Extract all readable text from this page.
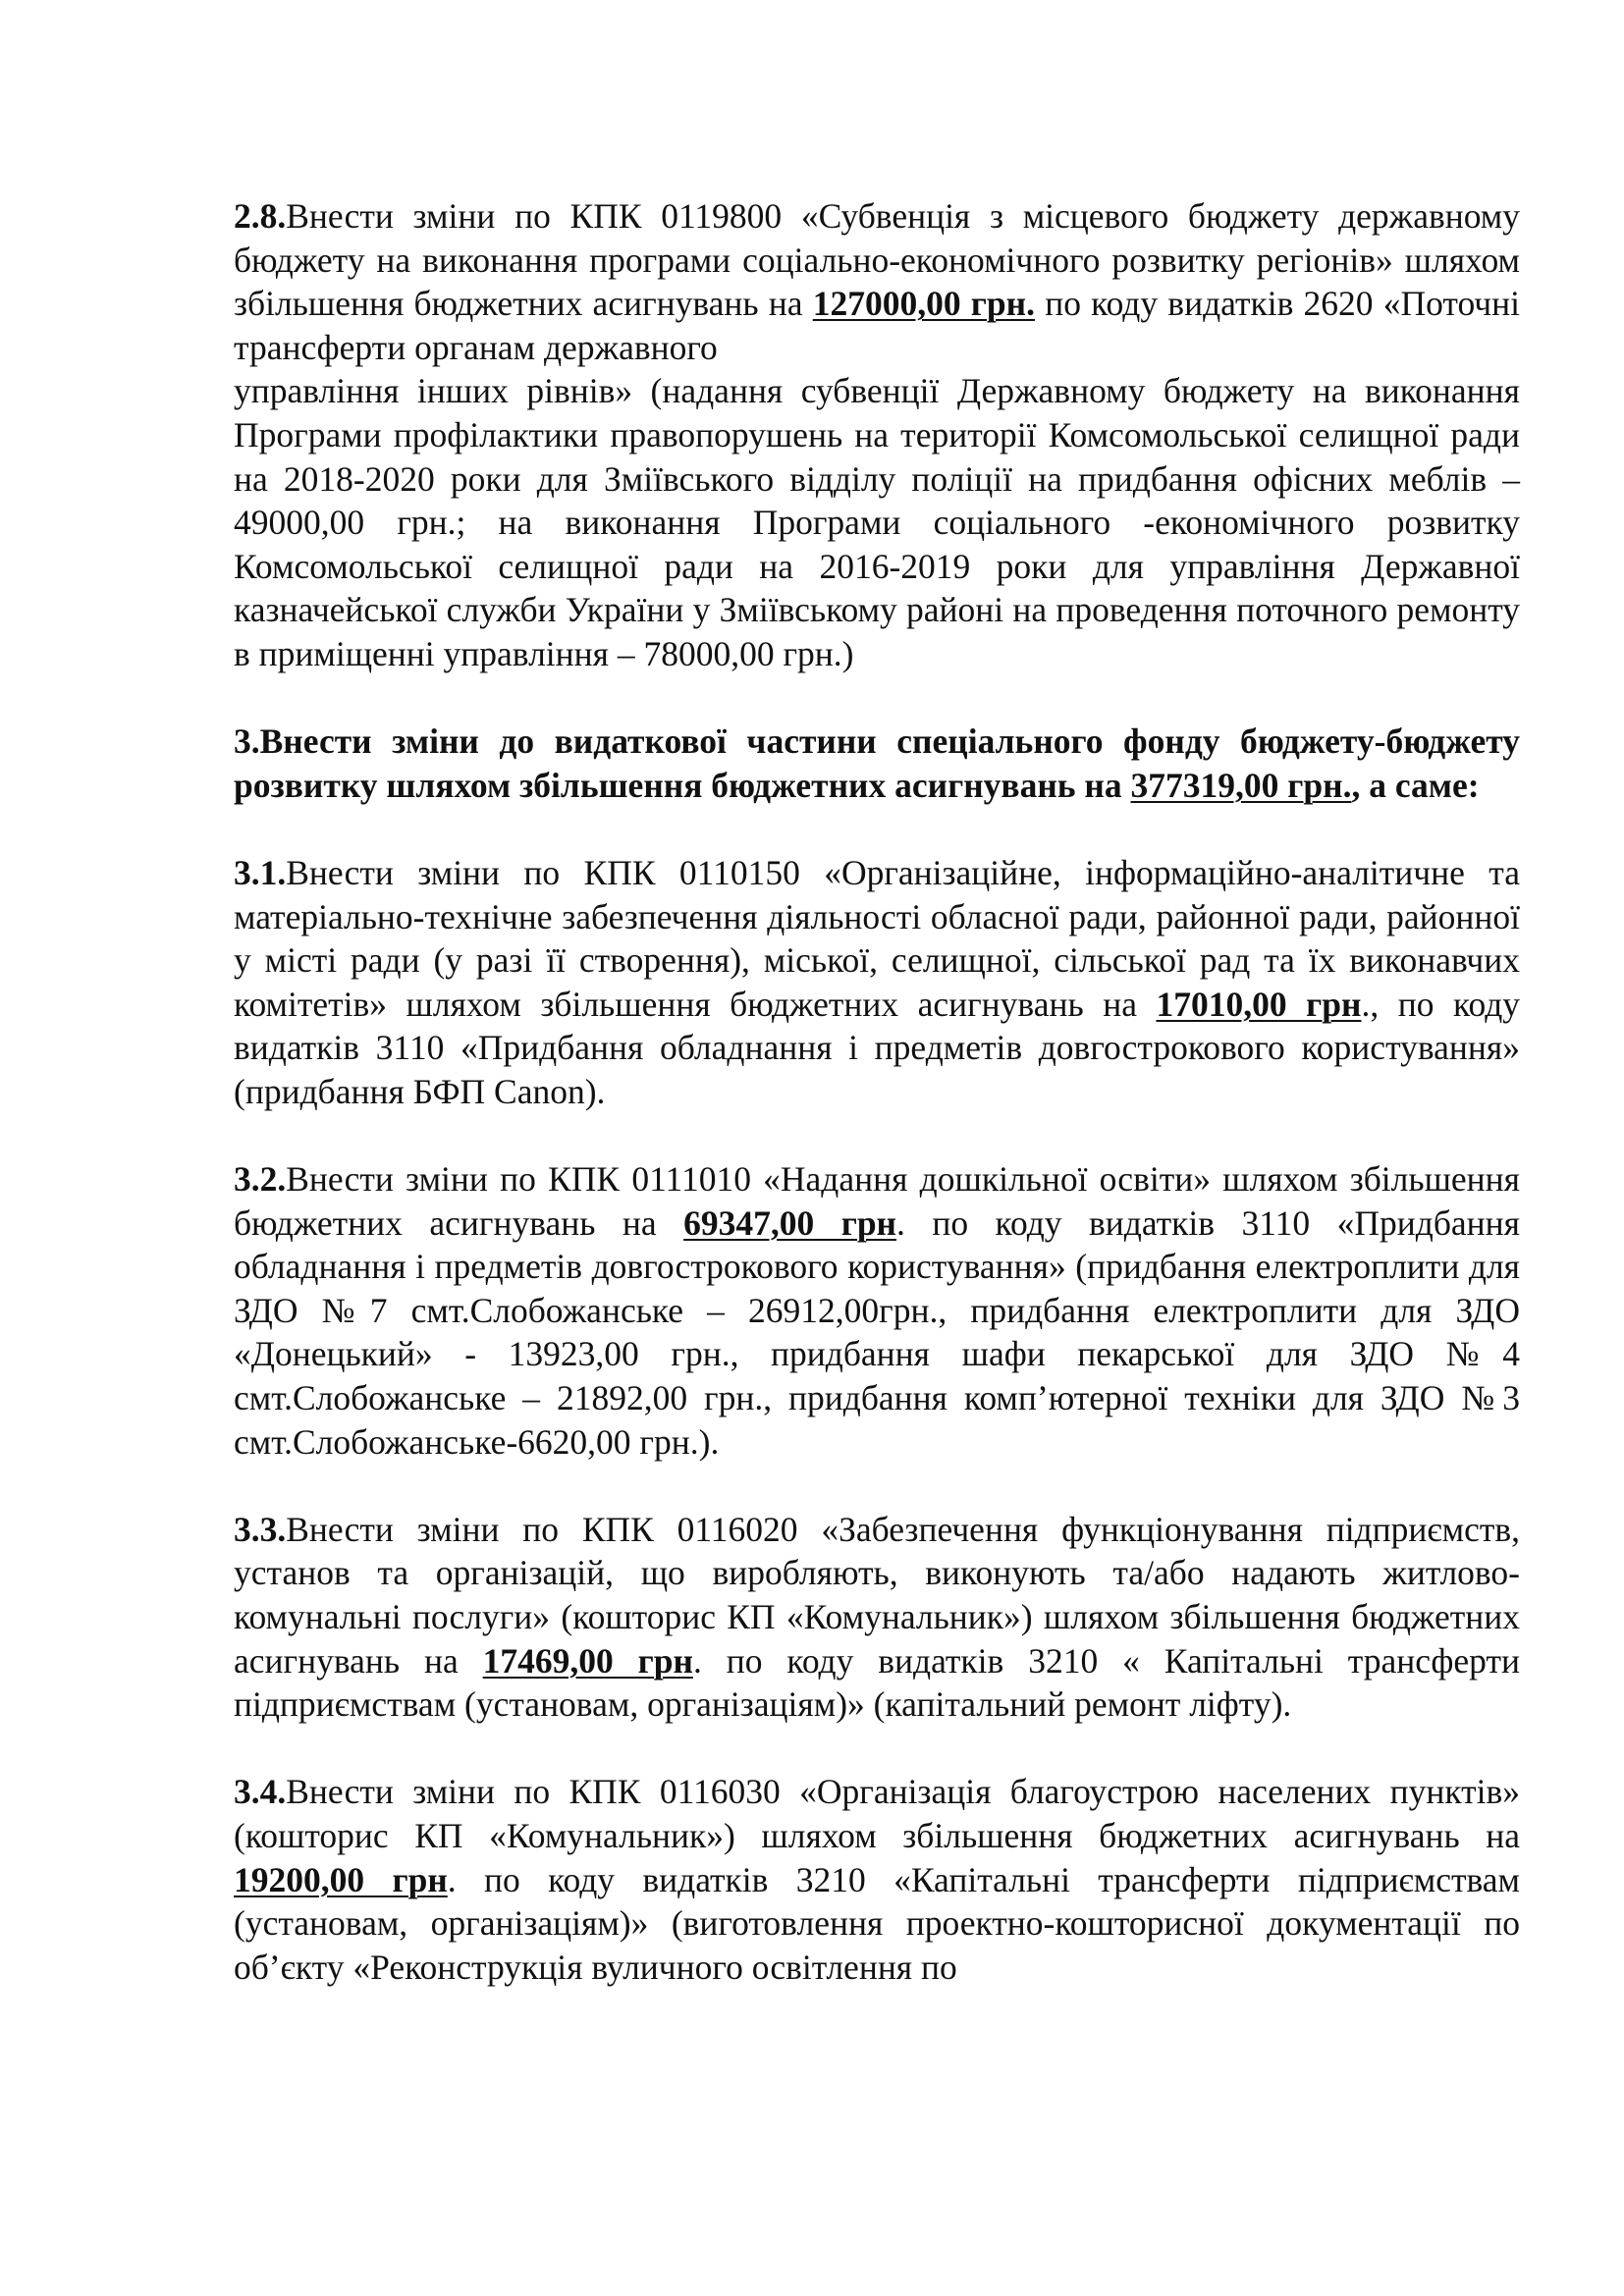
2.8.Внести зміни по КПК 0119800 «Субвенція з місцевого бюджету державному бюджету на виконання програми соціально-економічного розвитку регіонів» шляхом збільшення бюджетних асигнувань на 127000,00 грн. по коду видатків 2620 «Поточні трансферти органам державного
управління інших рівнів» (надання субвенції Державному бюджету на виконання Програми профілактики правопорушень на території Комсомольської селищної ради на 2018-2020 роки для Зміївського відділу поліції на придбання офісних меблів – 49000,00 грн.; на виконання Програми соціального -економічного розвитку Комсомольської селищної ради на 2016-2019 роки для управління Державної казначейської служби України у Зміївському районі на проведення поточного ремонту в приміщенні управління – 78000,00 грн.)

3.Внести зміни до видаткової частини спеціального фонду бюджету-бюджету розвитку шляхом збільшення бюджетних асигнувань на 377319,00 грн., а саме:

3.1.Внести зміни по КПК 0110150 «Організаційне, інформаційно-аналітичне та матеріально-технічне забезпечення діяльності обласної ради, районної ради, районної у місті ради (у разі її створення), міської, селищної, сільської рад та їх виконавчих комітетів» шляхом збільшення бюджетних асигнувань на 17010,00 грн., по коду видатків 3110 «Придбання обладнання і предметів довгострокового користування» (придбання БФП Canon).

3.2.Внести зміни по КПК 0111010 «Надання дошкільної освіти» шляхом збільшення бюджетних асигнувань на 69347,00 грн. по коду видатків 3110 «Придбання обладнання і предметів довгострокового користування» (придбання електроплити для ЗДО №7 смт.Слобожанське – 26912,00грн., придбання електроплити для ЗДО «Донецький» - 13923,00 грн., придбання шафи пекарської для ЗДО №4 смт.Слобожанське – 21892,00 грн., придбання комп’ютерної техніки для ЗДО №3 смт.Слобожанське-6620,00 грн.).

3.3.Внести зміни по КПК 0116020 «Забезпечення функціонування підприємств, установ та організацій, що виробляють, виконують та/або надають житлово-комунальні послуги» (кошторис КП «Комунальник») шляхом збільшення бюджетних асигнувань на 17469,00 грн. по коду видатків 3210 « Капітальні трансферти підприємствам (установам, організаціям)» (капітальний ремонт ліфту).

3.4.Внести зміни по КПК 0116030 «Організація благоустрою населених пунктів» (кошторис КП «Комунальник») шляхом збільшення бюджетних асигнувань на 19200,00 грн. по коду видатків 3210 «Капітальні трансферти підприємствам (установам, організаціям)» (виготовлення проектно-кошторисної документації по об’єкту «Реконструкція вуличного освітлення по
